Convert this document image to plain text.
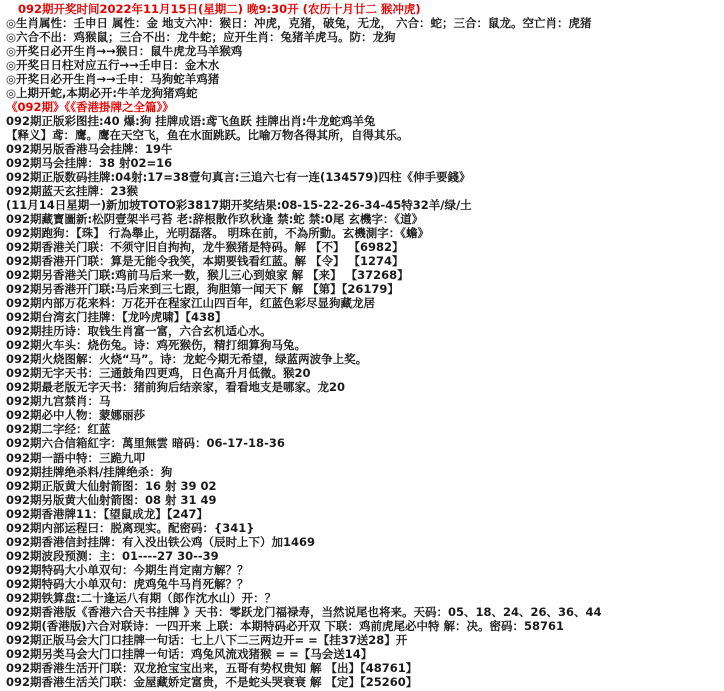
092期开奖时间2022年11月15日(星期二) 晚9:30开 (农历十月廿二 猴冲虎)
◎生肖属性：壬申日 属性：金 地支六冲：猴日：冲虎，克猪，破兔，无龙， 六合：蛇；三合：鼠龙。空亡肖：虎猪
◎六合不出：鸡猴鼠；三合不出：龙牛蛇；应开生肖：兔猪羊虎马。防：龙狗
◎开奖日必开生肖→→猴日：鼠牛虎龙马羊猴鸡
◎开奖日日柱对应五行→→壬申日：金木水
◎开奖日必开生肖→→壬申：马狗蛇羊鸡猪
◎上期开蛇,本期必开:牛羊龙狗猪鸡蛇
《092期》《《香港掛牌之全篇》》
092期正版彩图挂:40 爆:狗 挂牌成语:鸢飞鱼跃 挂牌出肖:牛龙蛇鸡羊兔
【释义】鸢：鹰。鹰在天空飞，鱼在水面跳跃。比喻万物各得其所，自得其乐。
092期另版香港马会挂牌：19牛
092期马会挂牌：38 射02=16
092期正版数码挂牌:04射:17=38壹句真言:三追六七有一连(134579)四柱《伸手要錢》
092期蓝天玄挂牌：23猴
(11月14日星期一)新加坡TOTO彩3817期开奖结果:08-15-22-26-34-45特32羊/绿/土
092期藏寳圖新:松阴壹架半弓苔 老:辞根散作玖秋逢 禁:蛇 禁:0尾 玄機字：《道》
092期跑狗：【珠】 行為舉止，光明磊落。 明珠在前，不為所動。玄機測字：《蟾》
092期香港关门联：不须守旧自拘拘，龙牛猴猪是特码。解 【不】 【6982】
092期香港开门联：算是无能令我笑，本期要钱看红蓝。解 【令】 【1274】
092期另香港关门联:鸡前马后来一数，猴儿三心到娘家 解 【来】 【37268】
092期另香港开门联:马后来到三七跟，狗胆第一闻天下 解 【第】【26179】
092期内部万花来料：万花开在程家江山四百年，红蓝色彩尽显狗藏龙居
092期台湾玄门挂牌：【龙吟虎啸】【438】
092期挂历诗：取钱生肖富一富，六合玄机适心水。
092期火车头：烧伤兔。诗：鸡死猴伤，精打细算狗马兔。
092期火烧图解：火烧“马”。诗：龙蛇今期无希望，绿蓝两波争上奖。
092期无字天书：三通鼓角四更鸡，日色高升月低微。猴20
092期最老版无字天书：猪前狗后结亲家，看看地支是哪家。龙20
092期九宫禁肖：马
092期必中人物：蒙娜丽莎
092期二字经：红蓝
092期六合信箱紅字：萬里無雲 暗码：06-17-18-36
092期一語中特：三跪九叩
092期挂牌绝杀料/挂牌绝杀：狗
092期正版黄大仙射箭图：16 射 39 02
092期另版黄大仙射箭图：08 射 31 49
092期香港牌11：【望鼠成龙】【247】
092期内部运程曰：脱离现实。配密码：{341}
092期香港信封挂牌：有入没出铁公鸡（辰时上下）加1469
092期波段预测：主：01----27 30--39
092期特码大小单双句：今期生肖定南方解？？
092期特码大小单双句：虎鸡兔牛马肖死解？？
092期铁算盘:二十逢运八有期（郎作沈水山）开：？
092期香港版《香港六合天书挂牌 》天书：零跃龙门福禄寿，当然说尾也将来。天码：05、18、24、26、36、44
092期(香港版)六合对联诗：一四开来 上联：本期特码必开双 下联：鸡前虎尾必中特 解：决。密码：58761
092期正版马会大门口挂牌一句话：七上八下二三两边开= =【挂37送28】开
092期另类马会大门口挂牌一句话：鸡兔风流戏猪猴 = =【马会送14】
092期香港生活开门联：双龙抢宝宝出来，五哥有势权贵知 解 【出】【48761】
092期香港生活关门联：金屋藏娇定富贵，不是蛇头哭衰衰 解 【定】【25260】
